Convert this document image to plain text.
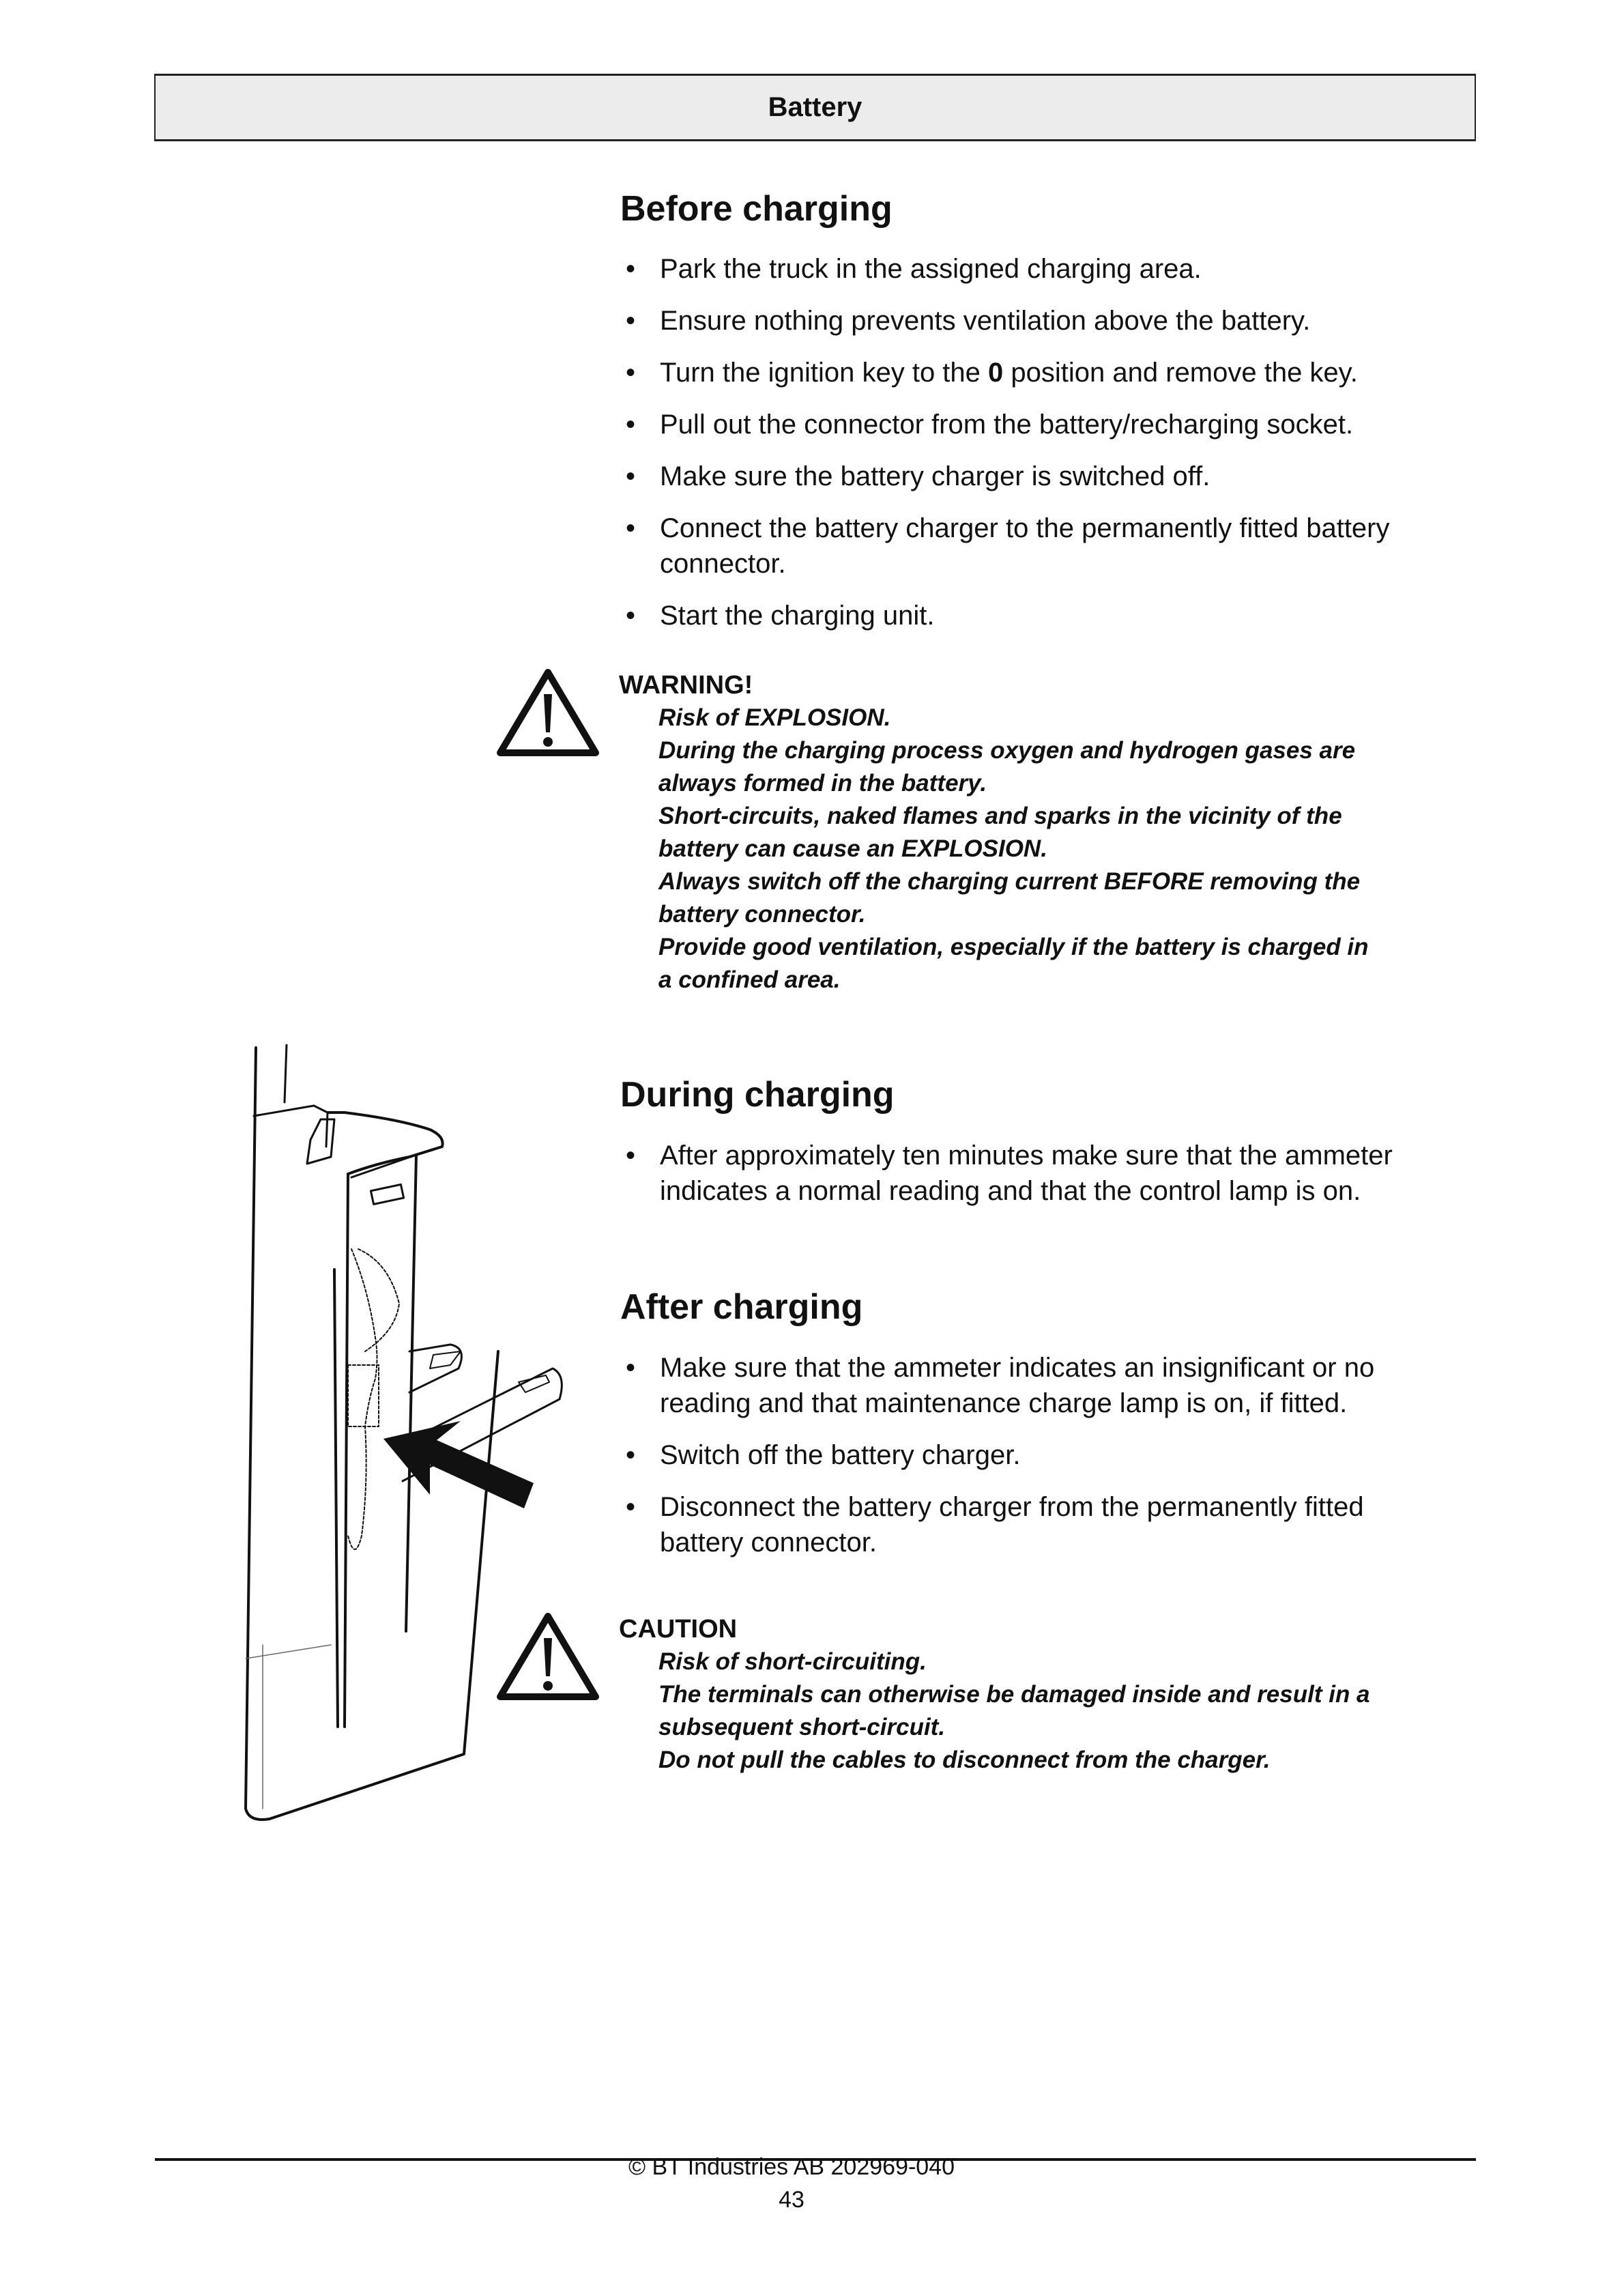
Battery
Before charging
• Park the truck in the assigned charging area.
• Ensure nothing prevents ventilation above the battery.
• Turn the ignition key to the 0 position and remove the key.
• Pull out the connector from the battery/recharging socket.
• Make sure the battery charger is switched off.
• Connect the battery charger to the permanently fitted battery connector.
• Start the charging unit.
WARNING!
Risk of EXPLOSION.
During the charging process oxygen and hydrogen gases are
always formed in the battery.
Short-circuits, naked flames and sparks in the vicinity of the
battery can cause an EXPLOSION.
Always switch off the charging current BEFORE removing the
battery connector.
Provide good ventilation, especially if the battery is charged in
a confined area.
During charging
• After approximately ten minutes make sure that the ammeter indicates a normal reading and that the control lamp is on.
After charging
• Make sure that the ammeter indicates an insignificant or no reading and that maintenance charge lamp is on, if fitted.
• Switch off the battery charger.
• Disconnect the battery charger from the permanently fitted battery connector.
CAUTION
Risk of short-circuiting.
The terminals can otherwise be damaged inside and result in a
subsequent short-circuit.
Do not pull the cables to disconnect from the charger.
© BT Industries AB 202969-040
43
